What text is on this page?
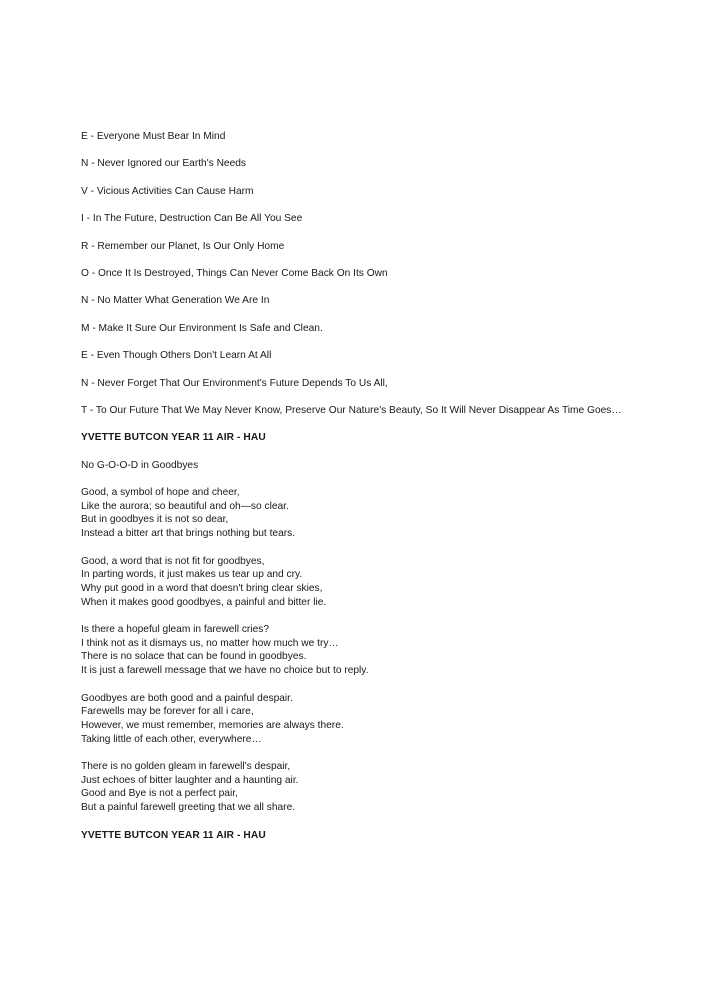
E - Everyone Must Bear In Mind

N - Never Ignored our Earth's Needs

V - Vicious Activities Can Cause Harm

I - In The Future, Destruction Can Be All You See

R - Remember our Planet, Is Our Only Home

O - Once It Is Destroyed, Things Can Never Come Back On Its Own

N - No Matter What Generation We Are In

M - Make It Sure Our Environment Is Safe and Clean.

E - Even Though Others Don't Learn At All

N - Never Forget That Our Environment's Future Depends To Us All,

T - To Our Future That We May Never Know, Preserve Our Nature's Beauty, So It Will Never Disappear As Time Goes…

YVETTE BUTCON YEAR 11 AIR - HAU

No G-O-O-D in Goodbyes

Good, a symbol of hope and cheer,
Like the aurora; so beautiful and oh—so clear.
But in goodbyes it is not so dear,
Instead a bitter art that brings nothing but tears.
Good, a word that is not fit for goodbyes,
In parting words, it just makes us tear up and cry.
Why put good in a word that doesn't bring clear skies,
When it makes good goodbyes, a painful and bitter lie.
Is there a hopeful gleam in farewell cries?
I think not as it dismays us, no matter how much we try…
There is no solace that can be found in goodbyes.
It is just a farewell message that we have no choice but to reply.
Goodbyes are both good and a painful despair.
Farewells may be forever for all i care,
However, we must remember, memories are always there.
Taking little of each other, everywhere…
There is no golden gleam in farewell's despair,
Just echoes of bitter laughter and a haunting air.
Good and Bye is not a perfect pair,
But a painful farewell greeting that we all share.

YVETTE BUTCON YEAR 11 AIR - HAU
